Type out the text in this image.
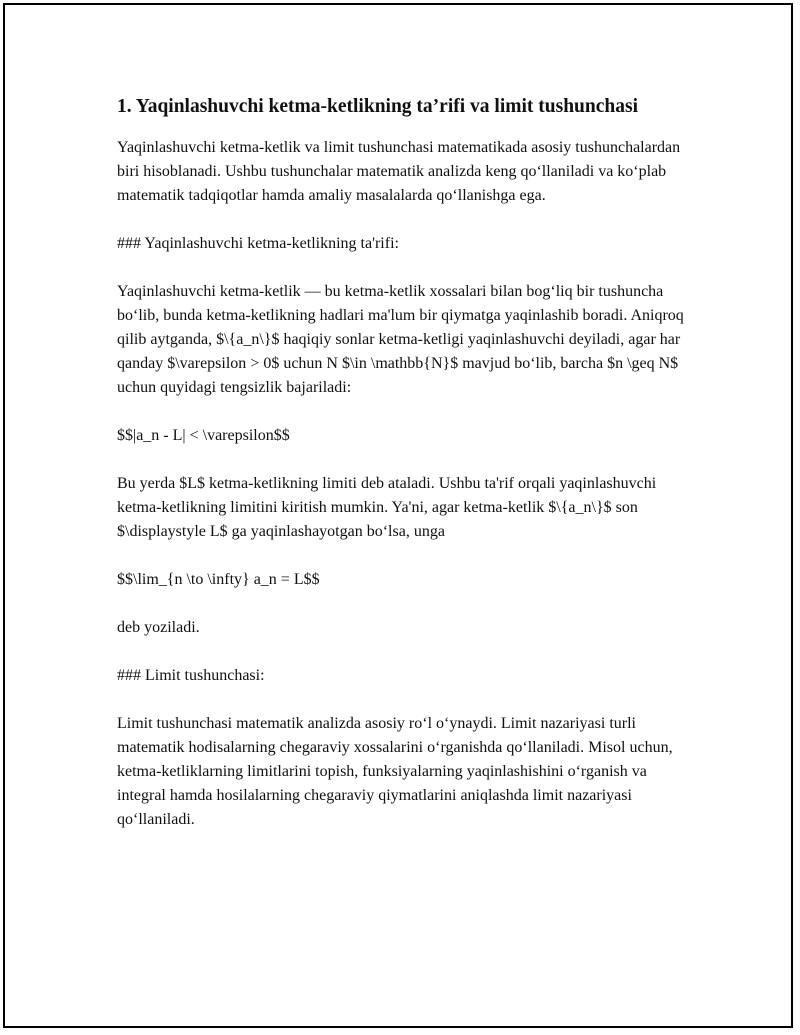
1. Yaqinlashuvchi ketma-ketlikning ta’rifi va limit tushunchasi

Yaqinlashuvchi ketma-ketlik va limit tushunchasi matematikada asosiy tushunchalardan biri hisoblanadi. Ushbu tushunchalar matematik analizda keng qo‘llaniladi va ko‘plab matematik tadqiqotlar hamda amaliy masalalarda qo‘llanishga ega.

### Yaqinlashuvchi ketma-ketlikning ta'rifi:

Yaqinlashuvchi ketma-ketlik — bu ketma-ketlik xossalari bilan bog‘liq bir tushuncha bo‘lib, bunda ketma-ketlikning hadlari ma'lum bir qiymatga yaqinlashib boradi. Aniqroq qilib aytganda, $\{a_n\}$ haqiqiy sonlar ketma-ketligi yaqinlashuvchi deyiladi, agar har qanday $\varepsilon > 0$ uchun N $\in \mathbb{N}$ mavjud bo‘lib, barcha $n \geq N$ uchun quyidagi tengsizlik bajariladi:

$$|a_n - L| < \varepsilon$$

Bu yerda $L$ ketma-ketlikning limiti deb ataladi. Ushbu ta'rif orqali yaqinlashuvchi ketma-ketlikning limitini kiritish mumkin. Ya'ni, agar ketma-ketlik $\{a_n\}$ son $\displaystyle L$ ga yaqinlashayotgan bo‘lsa, unga

$$\lim_{n \to \infty} a_n = L$$

deb yoziladi.

### Limit tushunchasi:

Limit tushunchasi matematik analizda asosiy ro‘l o‘ynaydi. Limit nazariyasi turli matematik hodisalarning chegaraviy xossalarini o‘rganishda qo‘llaniladi. Misol uchun, ketma-ketliklarning limitlarini topish, funksiyalarning yaqinlashishini o‘rganish va integral hamda hosilalarning chegaraviy qiymatlarini aniqlashda limit nazariyasi qo‘llaniladi.
